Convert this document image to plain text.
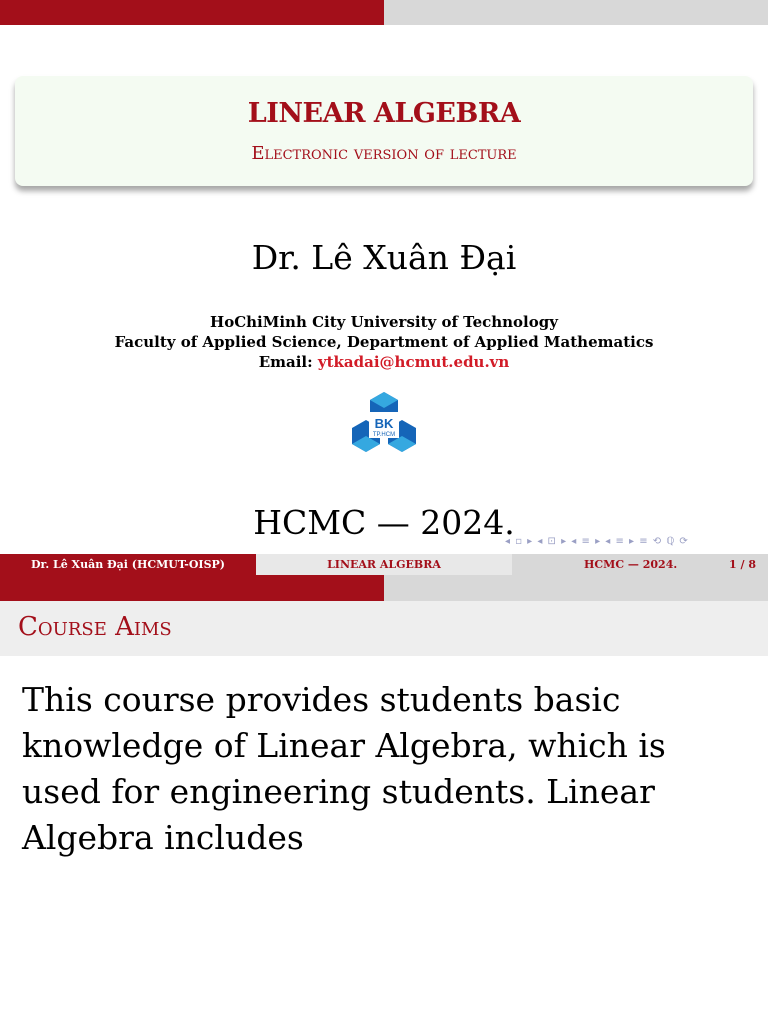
LINEAR ALGEBRA
Electronic version of lecture
Dr. Lê Xuân Đại
HoChiMinh City University of Technology
Faculty of Applied Science, Department of Applied Mathematics
Email: ytkadai@hcmut.edu.vn
BK
TP.HCM
HCMC — 2024.
◂ ▫ ▸ ◂ ⊡ ▸ ◂ ≡ ▸ ◂ ≡ ▸ ≡ ⟲ ℚ ⟳
Dr. Lê Xuân Đại (HCMUT-OISP)	LINEAR ALGEBRA	HCMC — 2024.	1 / 8
Course Aims
This course provides students basic knowledge of Linear Algebra, which is used for engineering students. Linear Algebra includes
